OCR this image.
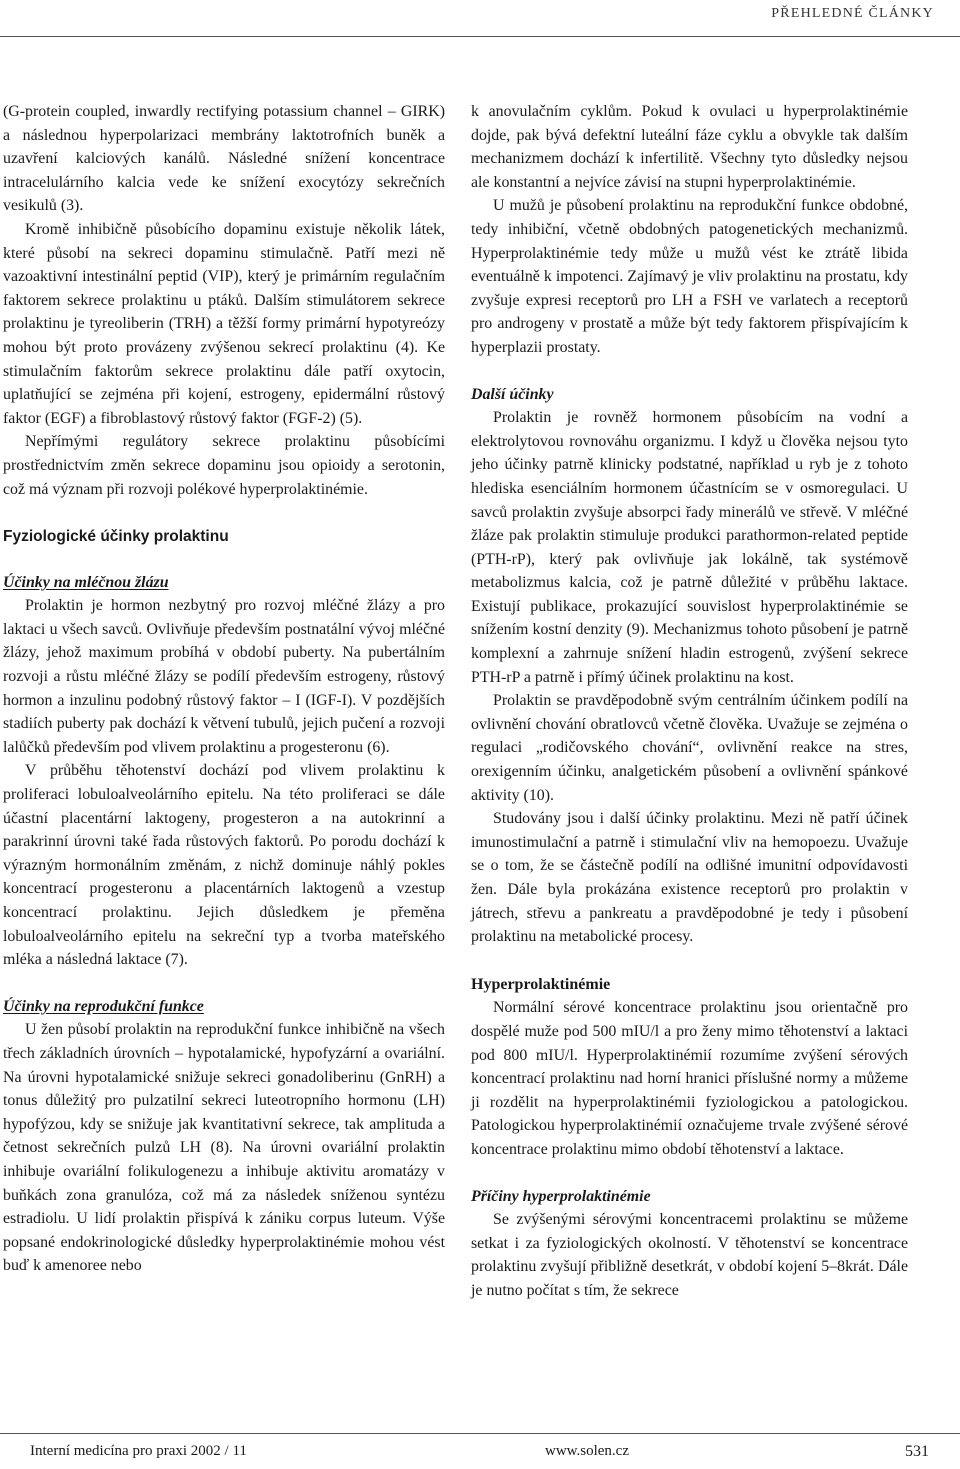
PŘEHLEDNÉ ČLÁNKY

(G-protein coupled, inwardly rectifying potassium channel – GIRK) a následnou hyperpolarizaci membrány laktotrofních buněk a uzavření kalciových kanálů. Následné snížení koncentrace intracelulárního kalcia vede ke snížení exocytózy sekrečních vesikulů (3).

Kromě inhibičně působícího dopaminu existuje několik látek, které působí na sekreci dopaminu stimulačně. Patří mezi ně vazoaktivní intestinální peptid (VIP), který je primárním regulačním faktorem sekrece prolaktinu u ptáků. Dalším stimulátorem sekrece prolaktinu je tyreoliberin (TRH) a těžší formy primární hypotyreózy mohou být proto provázeny zvýšenou sekrecí prolaktinu (4). Ke stimulačním faktorům sekrece prolaktinu dále patří oxytocin, uplatňující se zejména při kojení, estrogeny, epidermální růstový faktor (EGF) a fibroblastový růstový faktor (FGF-2) (5).

Nepřímými regulátory sekrece prolaktinu působícími prostřednictvím změn sekrece dopaminu jsou opioidy a serotonin, což má význam při rozvoji polékové hyperprolaktinémie.

Fyziologické účinky prolaktinu
Účinky na mléčnou žlázu

Prolaktin je hormon nezbytný pro rozvoj mléčné žlázy a pro laktaci u všech savců. Ovlivňuje především postnatální vývoj mléčné žlázy, jehož maximum probíhá v období puberty. Na pubertálním rozvoji a růstu mléčné žlázy se podílí především estrogeny, růstový hormon a inzulinu podobný růstový faktor – I (IGF-I). V pozdějších stadiích puberty pak dochází k větvení tubulů, jejich pučení a rozvoji lalůčků především pod vlivem prolaktinu a progesteronu (6).

V průběhu těhotenství dochází pod vlivem prolaktinu k proliferaci lobuloalveolárního epitelu. Na této proliferaci se dále účastní placentární laktogeny, progesteron a na autokrinní a parakrinní úrovni také řada růstových faktorů. Po porodu dochází k výrazným hormonálním změnám, z nichž dominuje náhlý pokles koncentrací progesteronu a placentárních laktogenů a vzestup koncentrací prolaktinu. Jejich důsledkem je přeměna lobuloalveolárního epitelu na sekreční typ a tvorba mateřského mléka a následná laktace (7).

Účinky na reprodukční funkce

U žen působí prolaktin na reprodukční funkce inhibičně na všech třech základních úrovních – hypotalamické, hypofyzární a ovariální. Na úrovni hypotalamické snižuje sekreci gonadoliberinu (GnRH) a tonus důležitý pro pulzatilní sekreci luteotropního hormonu (LH) hypofýzou, kdy se snižuje jak kvantitativní sekrece, tak amplituda a četnost sekrečních pulzů LH (8). Na úrovni ovariální prolaktin inhibuje ovariální folikulogenezu a inhibuje aktivitu aromatázy v buňkách zona granulóza, což má za následek sníženou syntézu estradiolu. U lidí prolaktin přispívá k zániku corpus luteum. Výše popsané endokrinologické důsledky hyperprolaktinémie mohou vést buď k amenoree nebo

k anovulačním cyklům. Pokud k ovulaci u hyperprolaktinémie dojde, pak bývá defektní luteální fáze cyklu a obvykle tak dalším mechanizmem dochází k infertilitě. Všechny tyto důsledky nejsou ale konstantní a nejvíce závisí na stupni hyperprolaktinémie.

U mužů je působení prolaktinu na reprodukční funkce obdobné, tedy inhibiční, včetně obdobných patogenetických mechanizmů. Hyperprolaktinémie tedy může u mužů vést ke ztrátě libida eventuálně k impotenci. Zajímavý je vliv prolaktinu na prostatu, kdy zvyšuje expresi receptorů pro LH a FSH ve varlatech a receptorů pro androgeny v prostatě a může být tedy faktorem přispívajícím k hyperplazii prostaty.

Další účinky

Prolaktin je rovněž hormonem působícím na vodní a elektrolytovou rovnováhu organizmu. I když u člověka nejsou tyto jeho účinky patrně klinicky podstatné, například u ryb je z tohoto hlediska esenciálním hormonem účastnícím se v osmoregulaci. U savců prolaktin zvyšuje absorpci řady minerálů ve střevě. V mléčné žláze pak prolaktin stimuluje produkci parathormon-related peptide (PTH-rP), který pak ovlivňuje jak lokálně, tak systémově metabolizmus kalcia, což je patrně důležité v průběhu laktace. Existují publikace, prokazující souvislost hyperprolaktinémie se snížením kostní denzity (9). Mechanizmus tohoto působení je patrně komplexní a zahrnuje snížení hladin estrogenů, zvýšení sekrece PTH-rP a patrně i přímý účinek prolaktinu na kost.

Prolaktin se pravděpodobně svým centrálním účinkem podílí na ovlivnění chování obratlovců včetně člověka. Uvažuje se zejména o regulaci „rodičovského chování“, ovlivnění reakce na stres, orexigenním účinku, analgetickém působení a ovlivnění spánkové aktivity (10).

Studovány jsou i další účinky prolaktinu. Mezi ně patří účinek imunostimulační a patrně i stimulační vliv na hemopoezu. Uvažuje se o tom, že se částečně podílí na odlišné imunitní odpovídavosti žen. Dále byla prokázána existence receptorů pro prolaktin v játrech, střevu a pankreatu a pravděpodobné je tedy i působení prolaktinu na metabolické procesy.

Hyperprolaktinémie

Normální sérové koncentrace prolaktinu jsou orientačně pro dospělé muže pod 500 mIU/l a pro ženy mimo těhotenství a laktaci pod 800 mIU/l. Hyperprolaktinémií rozumíme zvýšení sérových koncentrací prolaktinu nad horní hranici příslušné normy a můžeme ji rozdělit na hyperprolaktinémii fyziologickou a patologickou. Patologickou hyperprolaktinémií označujeme trvale zvýšené sérové koncentrace prolaktinu mimo období těhotenství a laktace.

Příčiny hyperprolaktinémie

Se zvýšenými sérovými koncentracemi prolaktinu se můžeme setkat i za fyziologických okolností. V těhotenství se koncentrace prolaktinu zvyšují přibližně desetkrát, v období kojení 5–8krát. Dále je nutno počítat s tím, že sekrece

Interní medicína pro praxi 2002 / 11	www.solen.cz	531
